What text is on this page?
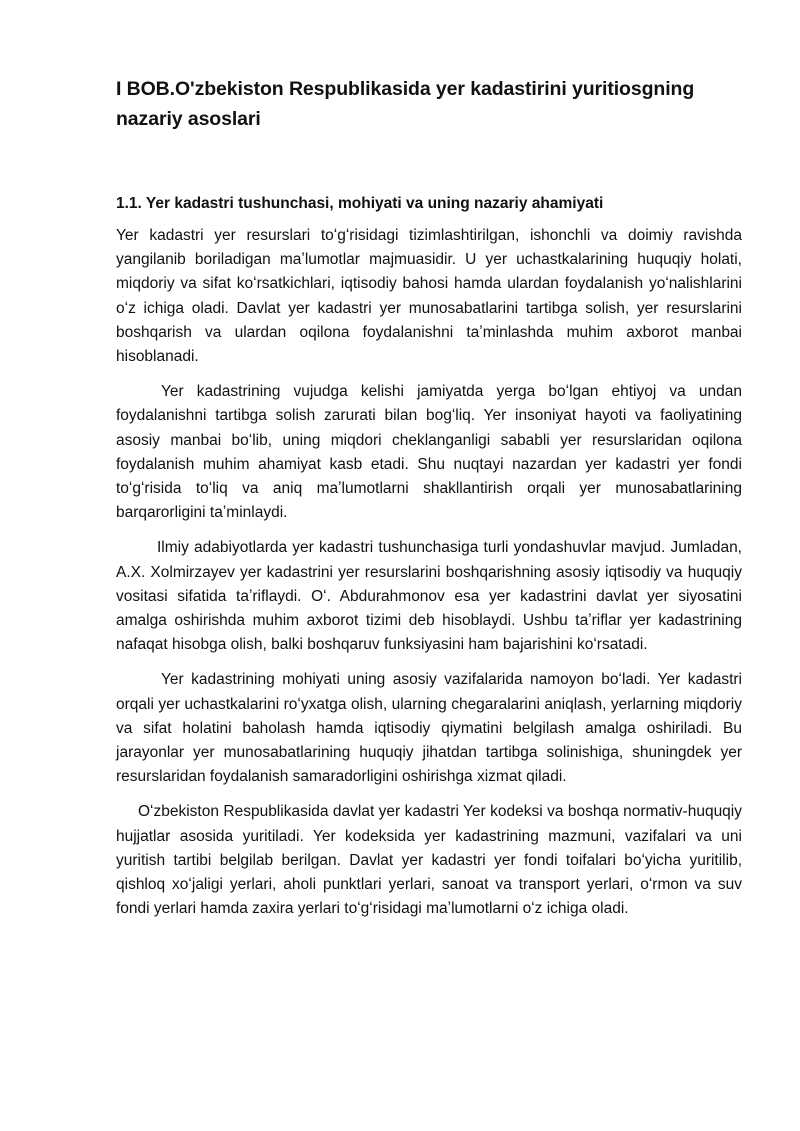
I BOB.O'zbekiston Respublikasida yer kadastirini yuritiosgning nazariy asoslari
1.1. Yer kadastri tushunchasi, mohiyati va uning nazariy ahamiyati

Yer kadastri yer resurslari toʻgʻrisidagi tizimlashtirilgan, ishonchli va doimiy ravishda yangilanib boriladigan maʼlumotlar majmuasidir. U yer uchastkalarining huquqiy holati, miqdoriy va sifat koʻrsatkichlari, iqtisodiy bahosi hamda ulardan foydalanish yoʻnalishlarini oʻz ichiga oladi. Davlat yer kadastri yer munosabatlarini tartibga solish, yer resurslarini boshqarish va ulardan oqilona foydalanishni taʼminlashda muhim axborot manbai hisoblanadi.

Yer kadastrining vujudga kelishi jamiyatda yerga boʻlgan ehtiyoj va undan foydalanishni tartibga solish zarurati bilan bogʻliq. Yer insoniyat hayoti va faoliyatining asosiy manbai boʻlib, uning miqdori cheklanganligi sababli yer resurslaridan oqilona foydalanish muhim ahamiyat kasb etadi. Shu nuqtayi nazardan yer kadastri yer fondi toʻgʻrisida toʻliq va aniq maʼlumotlarni shakllantirish orqali yer munosabatlarining barqarorligini taʼminlaydi.

Ilmiy adabiyotlarda yer kadastri tushunchasiga turli yondashuvlar mavjud. Jumladan, A.X. Xolmirzayev yer kadastrini yer resurslarini boshqarishning asosiy iqtisodiy va huquqiy vositasi sifatida taʼriflaydi. Oʻ. Abdurahmonov esa yer kadastrini davlat yer siyosatini amalga oshirishda muhim axborot tizimi deb hisoblaydi. Ushbu taʼriflar yer kadastrining nafaqat hisobga olish, balki boshqaruv funksiyasini ham bajarishini koʻrsatadi.

Yer kadastrining mohiyati uning asosiy vazifalarida namoyon boʻladi. Yer kadastri orqali yer uchastkalarini roʻyxatga olish, ularning chegaralarini aniqlash, yerlarning miqdoriy va sifat holatini baholash hamda iqtisodiy qiymatini belgilash amalga oshiriladi. Bu jarayonlar yer munosabatlarining huquqiy jihatdan tartibga solinishiga, shuningdek yer resurslaridan foydalanish samaradorligini oshirishga xizmat qiladi.

Oʻzbekiston Respublikasida davlat yer kadastri Yer kodeksi va boshqa normativ-huquqiy hujjatlar asosida yuritiladi. Yer kodeksida yer kadastrining mazmuni, vazifalari va uni yuritish tartibi belgilab berilgan. Davlat yer kadastri yer fondi toifalari boʻyicha yuritilib, qishloq xoʻjaligi yerlari, aholi punktlari yerlari, sanoat va transport yerlari, oʻrmon va suv fondi yerlari hamda zaxira yerlari toʻgʻrisidagi maʼlumotlarni oʻz ichiga oladi.
